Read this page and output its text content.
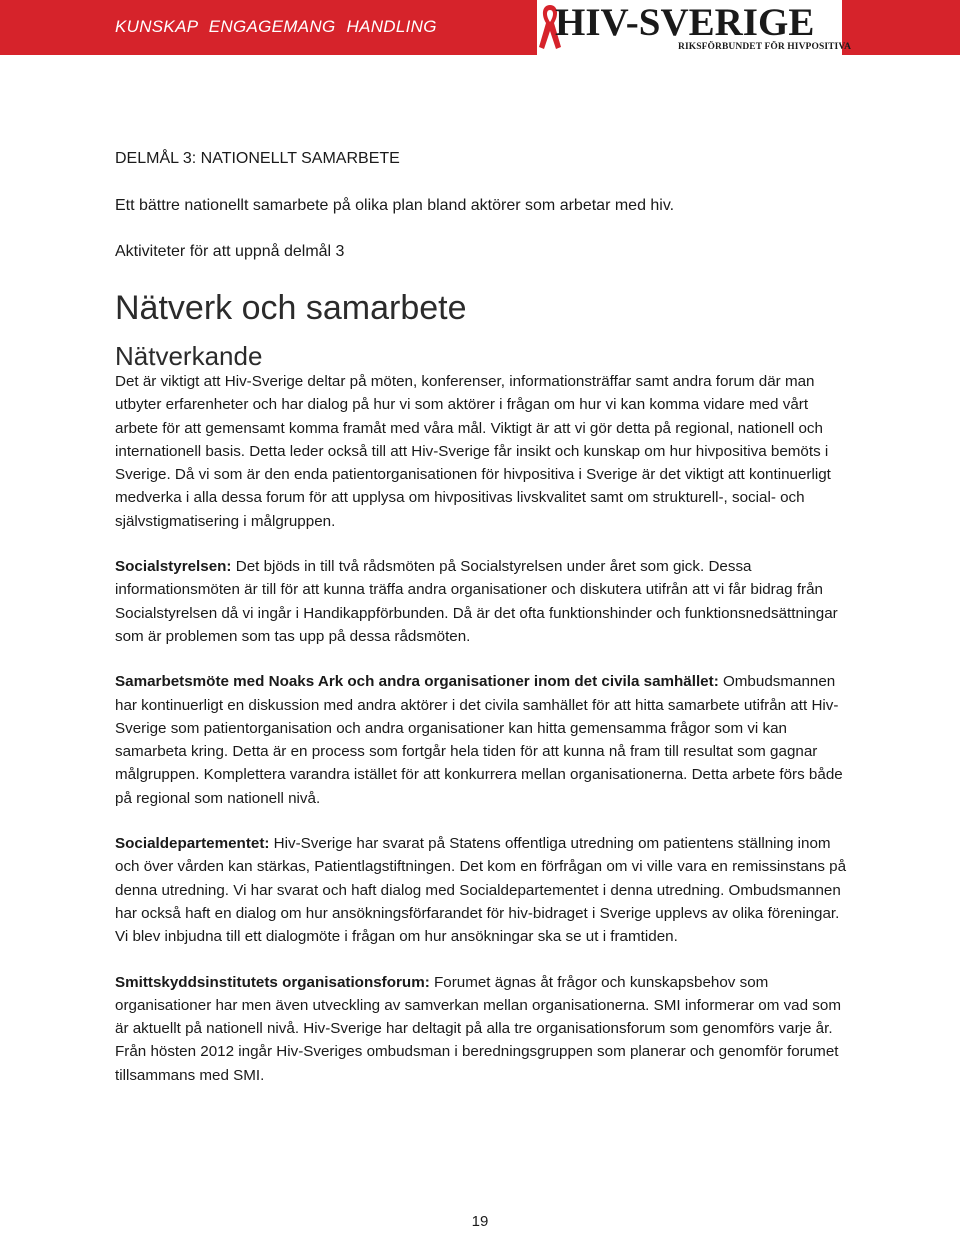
KUNSKAP ENGAGEMANG HANDLING	HIV-SVERIGE
RIKSFÖRBUNDET FÖR HIVPOSITIVA

DELMÅL 3: NATIONELLT SAMARBETE

Ett bättre nationellt samarbete på olika plan bland aktörer som arbetar med hiv.

Aktiviteter för att uppnå delmål 3

Nätverk och samarbete
Nätverkande

Det är viktigt att Hiv-Sverige deltar på möten, konferenser, informationsträffar samt andra forum där man utbyter erfarenheter och har dialog på hur vi som aktörer i frågan om hur vi kan komma vidare med vårt arbete för att gemensamt komma framåt med våra mål. Viktigt är att vi gör detta på regional, nationell och internationell basis. Detta leder också till att Hiv-Sverige får insikt och kunskap om hur hivpositiva bemöts i Sverige. Då vi som är den enda patientorganisationen för hivpositiva i Sverige är det viktigt att kontinuerligt medverka i alla dessa forum för att upplysa om hivpositivas livskvalitet samt om strukturell-, social- och självstigmatisering i målgruppen.

Socialstyrelsen: Det bjöds in till två rådsmöten på Socialstyrelsen under året som gick. Dessa informationsmöten är till för att kunna träffa andra organisationer och diskutera utifrån att vi får bidrag från Socialstyrelsen då vi ingår i Handikappförbunden. Då är det ofta funktionshinder och funktionsnedsättningar som är problemen som tas upp på dessa rådsmöten.

Samarbetsmöte med Noaks Ark och andra organisationer inom det civila samhället: Ombudsmannen har kontinuerligt en diskussion med andra aktörer i det civila samhället för att hitta samarbete utifrån att Hiv-Sverige som patientorganisation och andra organisationer kan hitta gemensamma frågor som vi kan samarbeta kring. Detta är en process som fortgår hela tiden för att kunna nå fram till resultat som gagnar målgruppen. Komplettera varandra istället för att konkurrera mellan organisationerna. Detta arbete förs både på regional som nationell nivå.

Socialdepartementet: Hiv-Sverige har svarat på Statens offentliga utredning om patientens ställning inom och över vården kan stärkas, Patientlagstiftningen. Det kom en förfrågan om vi ville vara en remissinstans på denna utredning. Vi har svarat och haft dialog med Socialdepartementet i denna utredning. Ombudsmannen har också haft en dialog om hur ansökningsförfarandet för hiv-bidraget i Sverige upplevs av olika föreningar. Vi blev inbjudna till ett dialogmöte i frågan om hur ansökningar ska se ut i framtiden.

Smittskyddsinstitutets organisationsforum: Forumet ägnas åt frågor och kunskapsbehov som organisationer har men även utveckling av samverkan mellan organisationerna. SMI informerar om vad som är aktuellt på nationell nivå. Hiv-Sverige har deltagit på alla tre organisationsforum som genomförs varje år. Från hösten 2012 ingår Hiv-Sveriges ombudsman i beredningsgruppen som planerar och genomför forumet tillsammans med SMI.

19
